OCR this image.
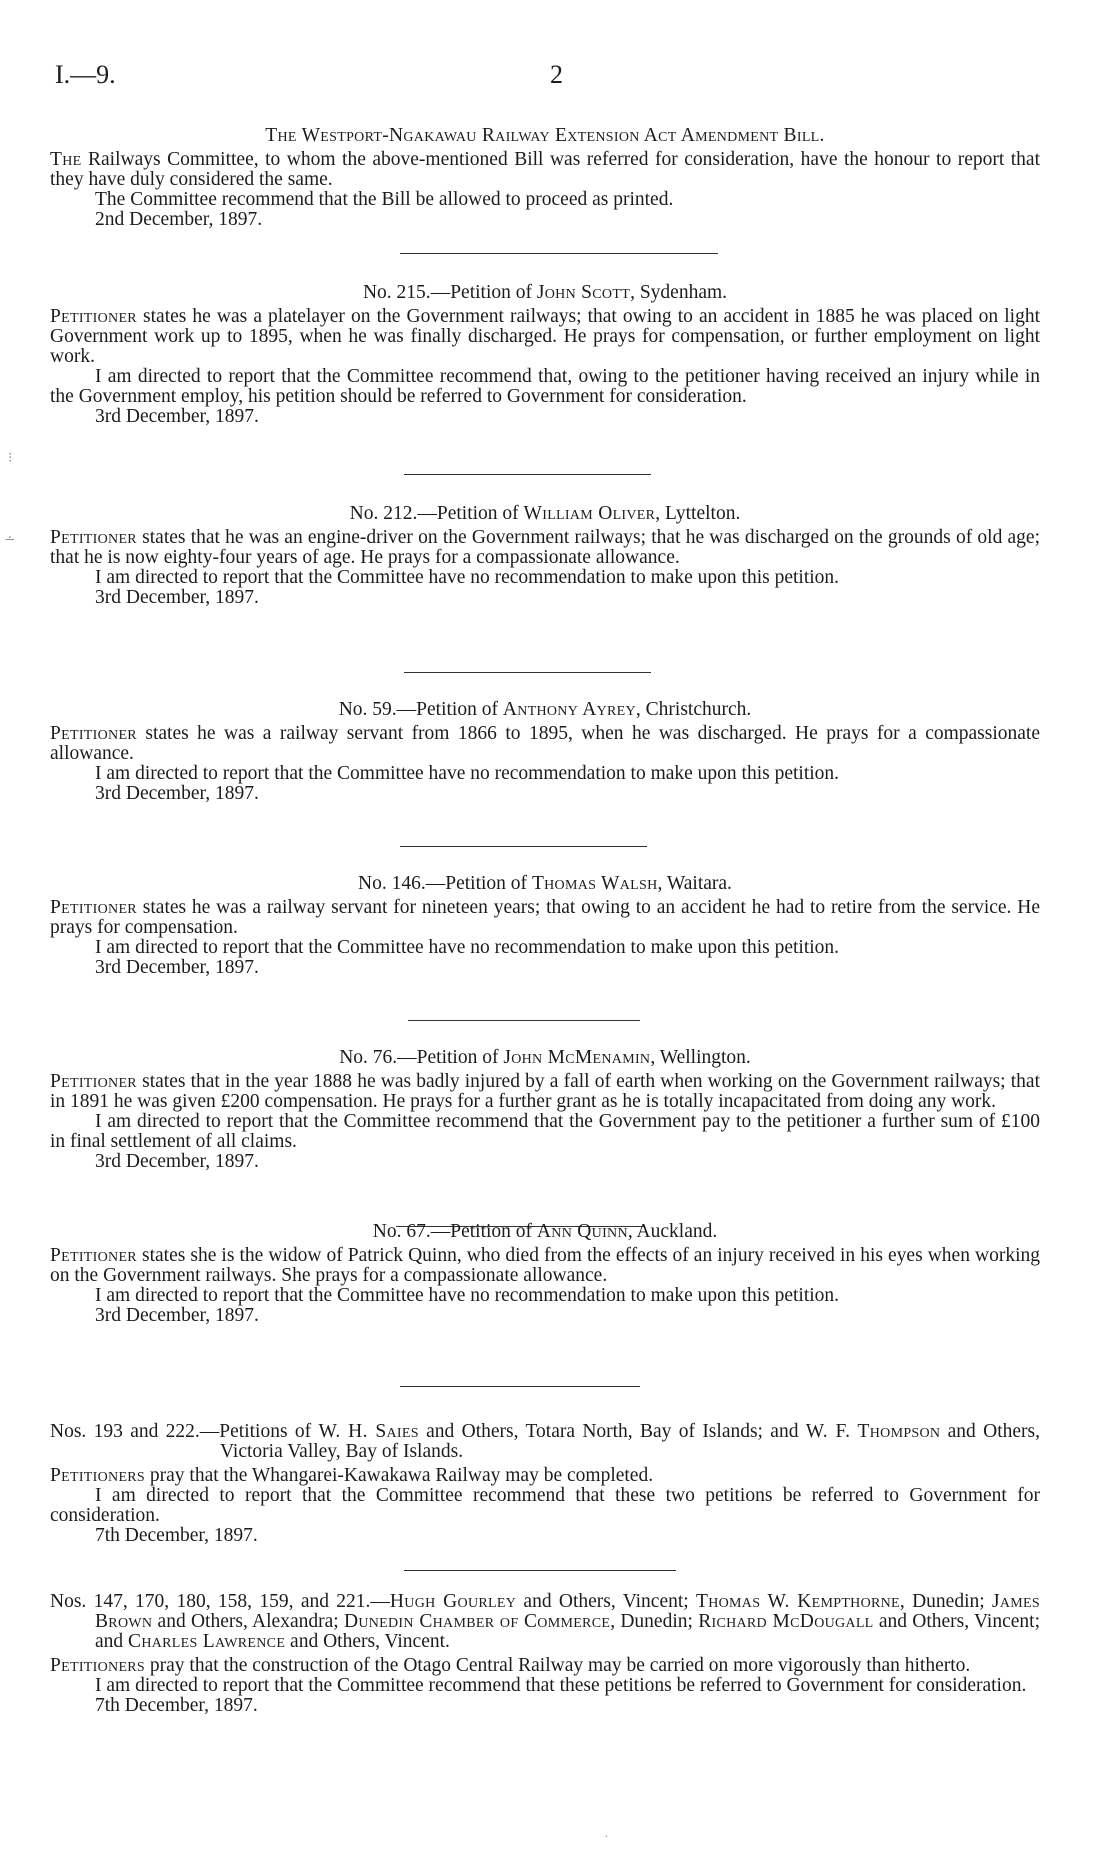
I.—9.	2
The Westport-Ngakawau Railway Extension Act Amendment Bill.
The Railways Committee, to whom the above-mentioned Bill was referred for consideration, have the honour to report that they have duly considered the same.
The Committee recommend that the Bill be allowed to proceed as printed.
2nd December, 1897.
No. 215.—Petition of John Scott, Sydenham.
Petitioner states he was a platelayer on the Government railways; that owing to an accident in 1885 he was placed on light Government work up to 1895, when he was finally discharged. He prays for compensation, or further employment on light work.
I am directed to report that the Committee recommend that, owing to the petitioner having received an injury while in the Government employ, his petition should be referred to Government for consideration.
3rd December, 1897.
No. 212.—Petition of William Oliver, Lyttelton.
Petitioner states that he was an engine-driver on the Government railways; that he was discharged on the grounds of old age; that he is now eighty-four years of age. He prays for a compassionate allowance.
I am directed to report that the Committee have no recommendation to make upon this petition.
3rd December, 1897.
No. 59.—Petition of Anthony Ayrey, Christchurch.
Petitioner states he was a railway servant from 1866 to 1895, when he was discharged. He prays for a compassionate allowance.
I am directed to report that the Committee have no recommendation to make upon this petition.
3rd December, 1897.
No. 146.—Petition of Thomas Walsh, Waitara.
Petitioner states he was a railway servant for nineteen years; that owing to an accident he had to retire from the service. He prays for compensation.
I am directed to report that the Committee have no recommendation to make upon this petition.
3rd December, 1897.
No. 76.—Petition of John McMenamin, Wellington.
Petitioner states that in the year 1888 he was badly injured by a fall of earth when working on the Government railways; that in 1891 he was given £200 compensation. He prays for a further grant as he is totally incapacitated from doing any work.
I am directed to report that the Committee recommend that the Government pay to the petitioner a further sum of £100 in final settlement of all claims.
3rd December, 1897.
No. 67.—Petition of Ann Quinn, Auckland.
Petitioner states she is the widow of Patrick Quinn, who died from the effects of an injury received in his eyes when working on the Government railways. She prays for a compassionate allowance.
I am directed to report that the Committee have no recommendation to make upon this petition.
3rd December, 1897.
Nos. 193 and 222.—Petitions of W. H. Saies and Others, Totara North, Bay of Islands; and W. F. Thompson and Others, Victoria Valley, Bay of Islands.
Petitioners pray that the Whangarei-Kawakawa Railway may be completed.
I am directed to report that the Committee recommend that these two petitions be referred to Government for consideration.
7th December, 1897.
Nos. 147, 170, 180, 158, 159, and 221.—Hugh Gourley and Others, Vincent; Thomas W. Kempthorne, Dunedin; James Brown and Others, Alexandra; Dunedin Chamber of Commerce, Dunedin; Richard McDougall and Others, Vincent; and Charles Lawrence and Others, Vincent.
Petitioners pray that the construction of the Otago Central Railway may be carried on more vigorously than hitherto.
I am directed to report that the Committee recommend that these petitions be referred to Government for consideration.
7th December, 1897.
⁝
∸
·
